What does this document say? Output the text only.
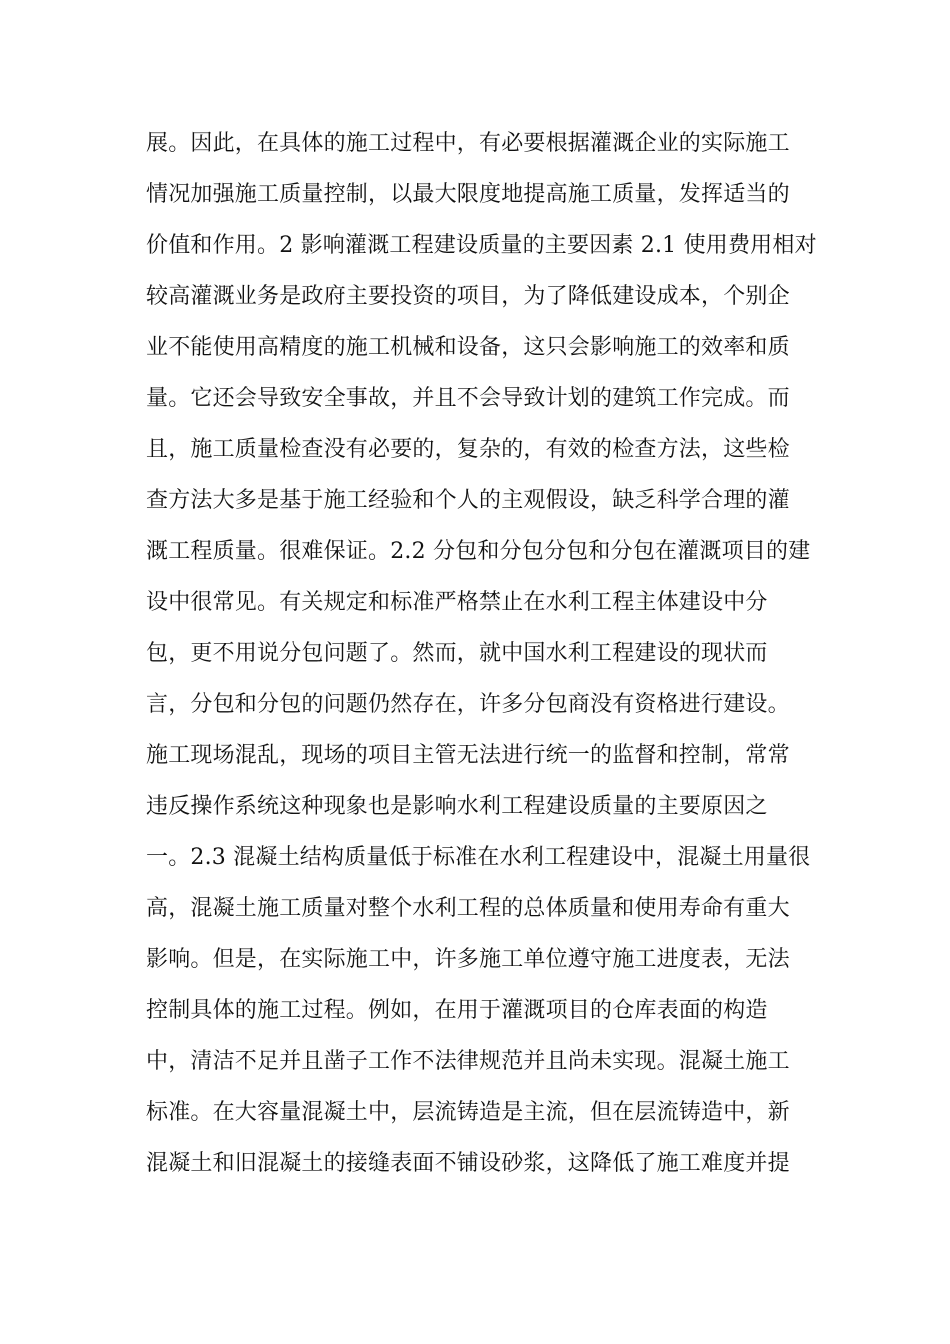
展。因此，在具体的施工过程中，有必要根据灌溉企业的实际施工
情况加强施工质量控制，以最大限度地提高施工质量，发挥适当的
价值和作用。2 影响灌溉工程建设质量的主要因素 2.1 使用费用相对
较高灌溉业务是政府主要投资的项目，为了降低建设成本，个别企
业不能使用高精度的施工机械和设备，这只会影响施工的效率和质
量。它还会导致安全事故，并且不会导致计划的建筑工作完成。而
且，施工质量检查没有必要的，复杂的，有效的检查方法，这些检
查方法大多是基于施工经验和个人的主观假设，缺乏科学合理的灌
溉工程质量。很难保证。2.2 分包和分包分包和分包在灌溉项目的建
设中很常见。有关规定和标准严格禁止在水利工程主体建设中分
包，更不用说分包问题了。然而，就中国水利工程建设的现状而
言，分包和分包的问题仍然存在，许多分包商没有资格进行建设。
施工现场混乱，现场的项目主管无法进行统一的监督和控制，常常
违反操作系统这种现象也是影响水利工程建设质量的主要原因之
一。2.3 混凝土结构质量低于标准在水利工程建设中，混凝土用量很
高，混凝土施工质量对整个水利工程的总体质量和使用寿命有重大
影响。但是，在实际施工中，许多施工单位遵守施工进度表，无法
控制具体的施工过程。例如，在用于灌溉项目的仓库表面的构造
中，清洁不足并且凿子工作不法律规范并且尚未实现。混凝土施工
标准。在大容量混凝土中，层流铸造是主流，但在层流铸造中，新
混凝土和旧混凝土的接缝表面不铺设砂浆，这降低了施工难度并提
